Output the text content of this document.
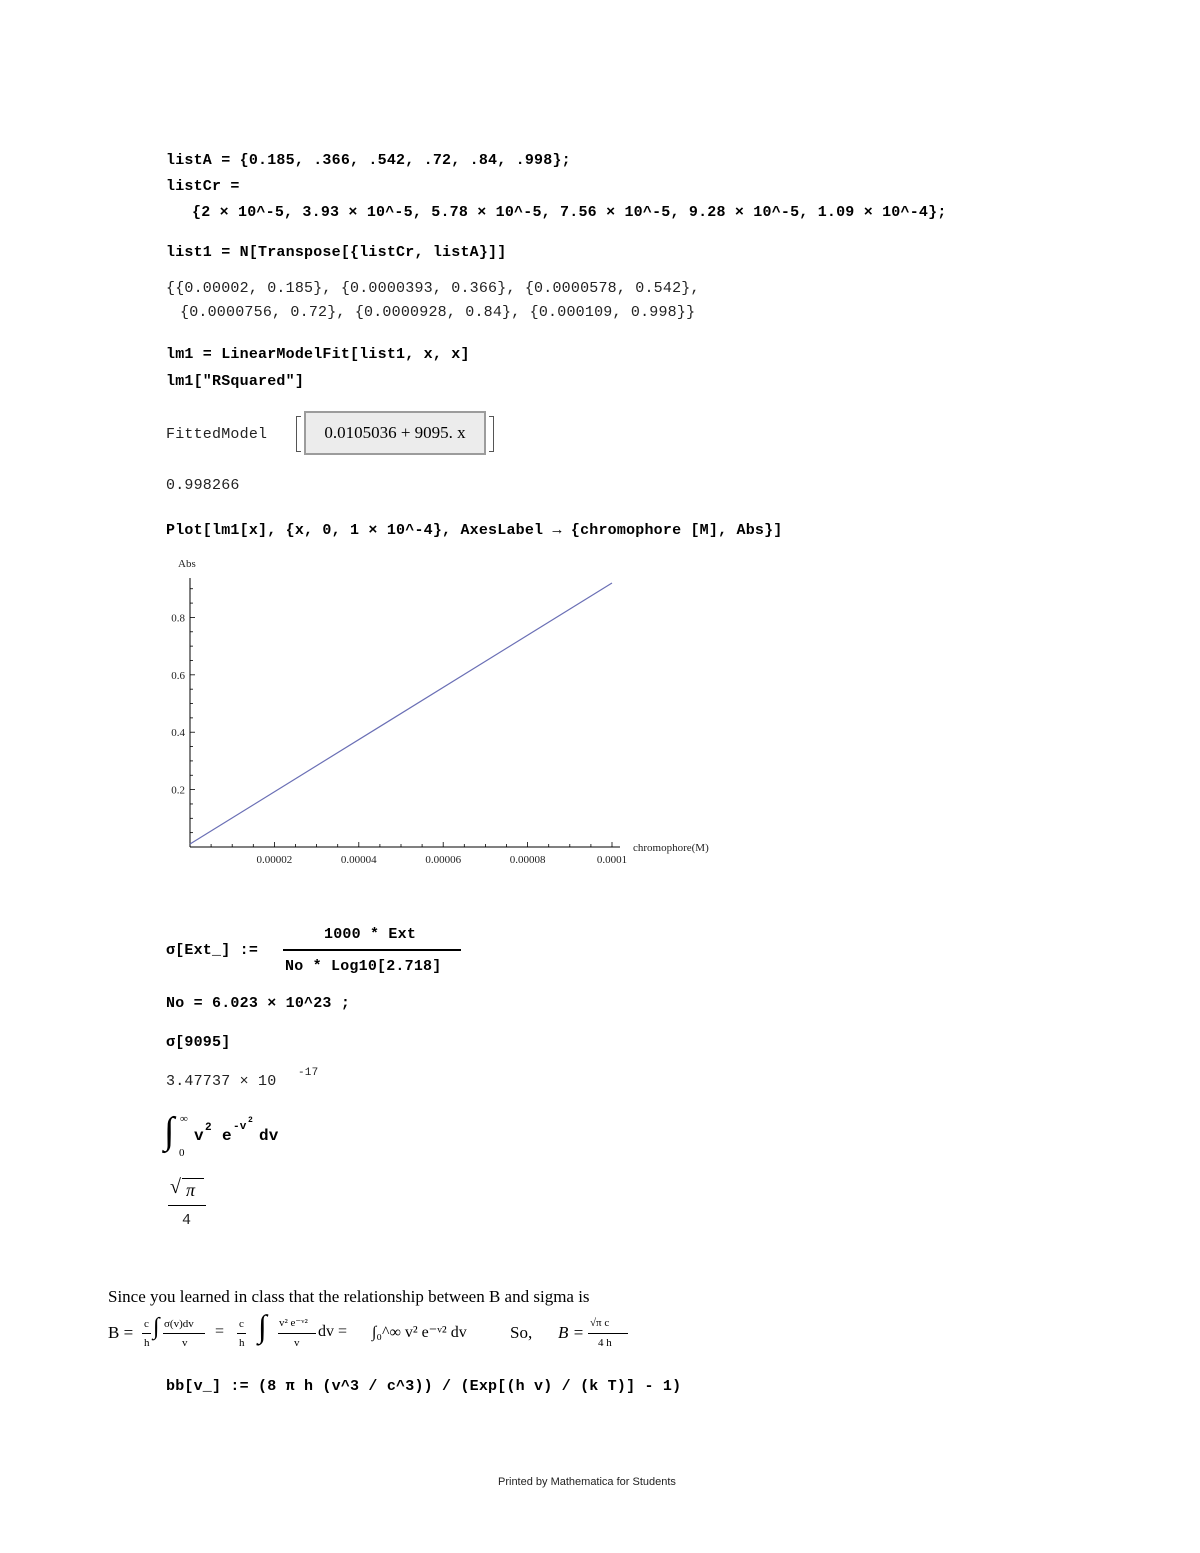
listA = {0.185, .366, .542, .72, .84, .998};
listCr =
{2 × 10^-5, 3.93 × 10^-5, 5.78 × 10^-5, 7.56 × 10^-5, 9.28 × 10^-5, 1.09 × 10^-4};
list1 = N[Transpose[{listCr, listA}]]
{{0.00002, 0.185}, {0.0000393, 0.366}, {0.0000578, 0.542},
{0.0000756, 0.72}, {0.0000928, 0.84}, {0.000109, 0.998}}
lm1 = LinearModelFit[list1, x, x]
lm1["RSquared"]
FittedModel	0.0105036 + 9095. x
0.998266
Plot[lm1[x], {x, 0, 1 × 10^-4}, AxesLabel → {chromophore [M], Abs}]
0.00002	0.00004	0.00006	0.00008	0.0001
0.2
0.4
0.6
0.8
Abs
chromophore(M)
σ[Ext_] :=
1000 * Ext
No * Log10[2.718]
No = 6.023 × 10^23 ;
σ[9095]
3.47737 × 10 -17
∫ ∞
0
v 2 e -v
2
dv
√ π
4
Since you learned in class that the relationship between B and sigma is
B = c
h
∫ σ(v)dv
v
= c
h ∫ v² e⁻ᵛ²
v
dv = ∫₀^∞ v² e⁻ᵛ² dv	So, B = √π c
4 h
bb[v_] := (8 π h (v^3 / c^3)) / (Exp[(h v) / (k T)] - 1)
Printed by Mathematica for Students
